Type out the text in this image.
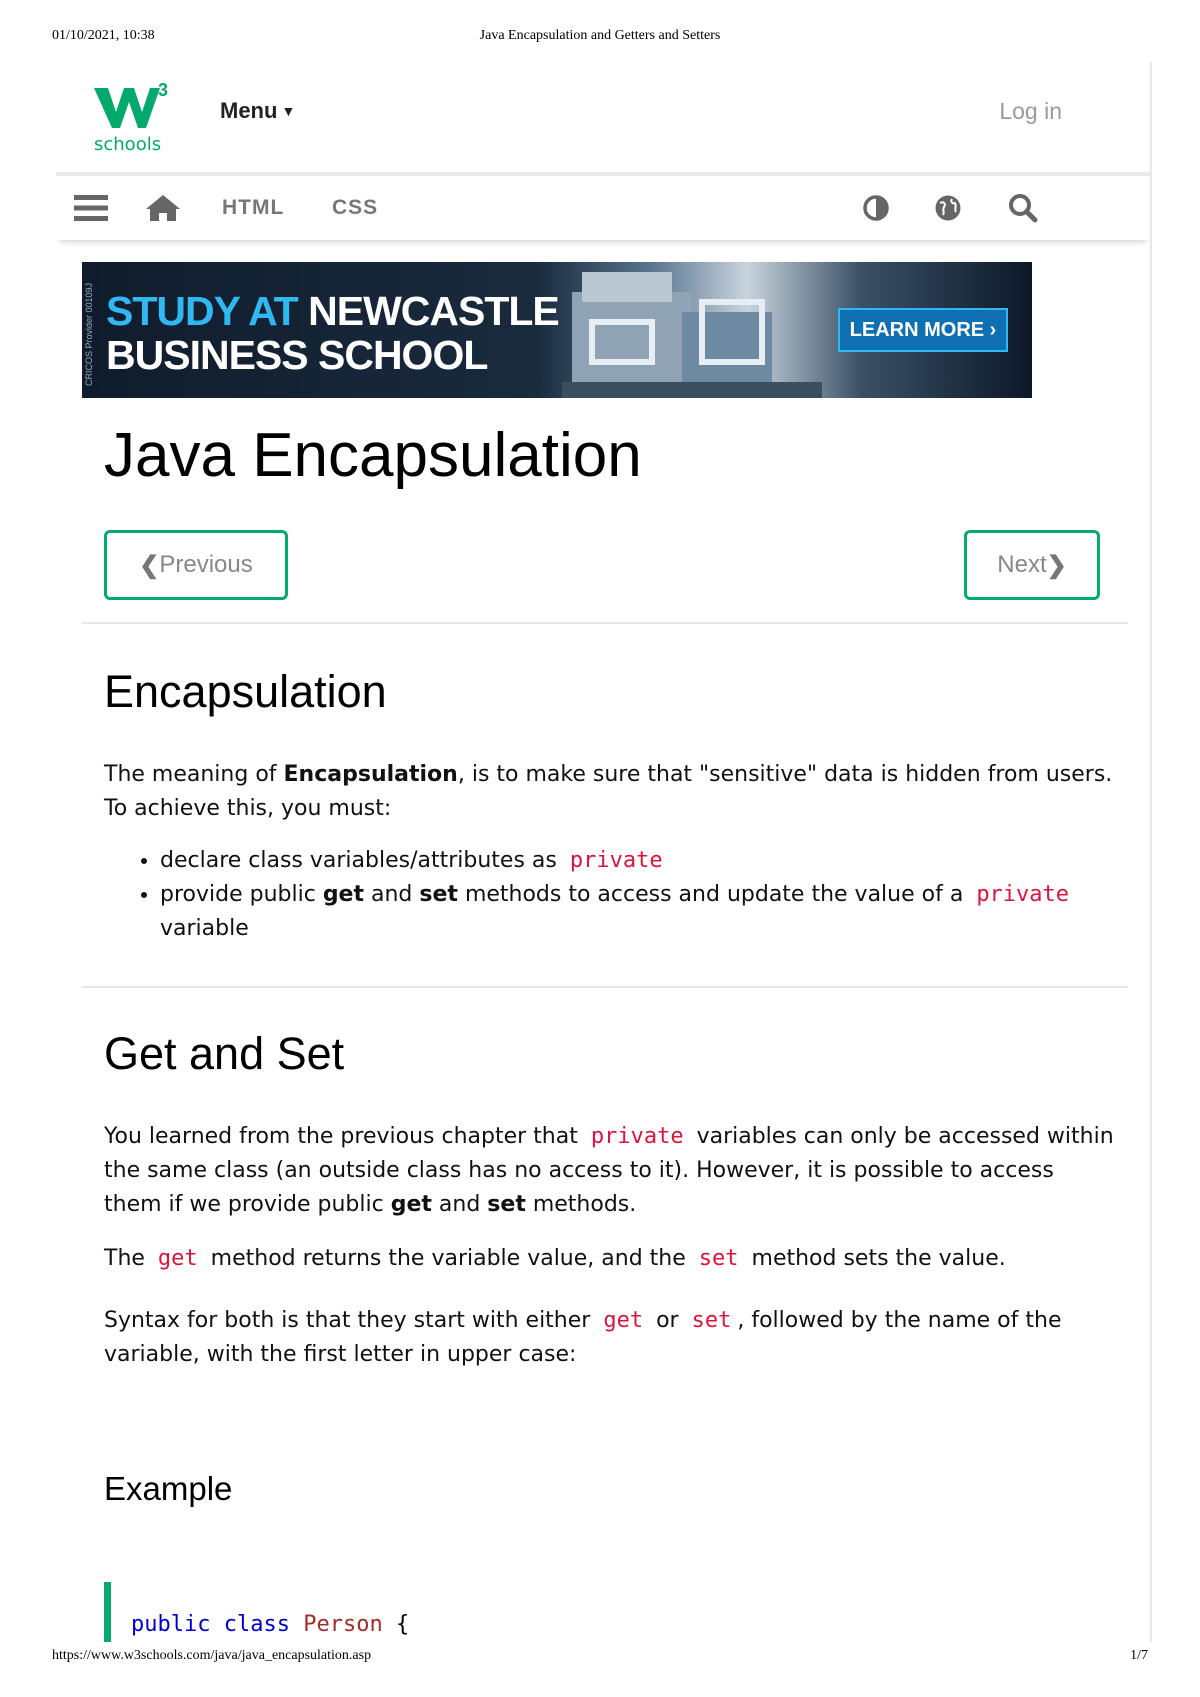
01/10/2021, 10:38	Java Encapsulation and Getters and Setters
3
schools
Menu ▼	Log in
HTML CSS
CRICOS Provider 00109J STUDY AT NEWCASTLE
BUSINESS SCHOOL
LEARN MORE ›
Java Encapsulation
❮ Previous	Next ❯
Encapsulation

The meaning of Encapsulation, is to make sure that "sensitive" data is hidden from users. To achieve this, you must:

• declare class variables/attributes as private
• provide public get and set methods to access and update the value of a private variable
Get and Set

You learned from the previous chapter that private variables can only be accessed within the same class (an outside class has no access to it). However, it is possible to access them if we provide public get and set methods.

The get method returns the variable value, and the set method sets the value.

Syntax for both is that they start with either get or set , followed by the name of the variable, with the first letter in upper case:

Example
public class Person {

https://www.w3schools.com/java/java_encapsulation.asp	1/7
